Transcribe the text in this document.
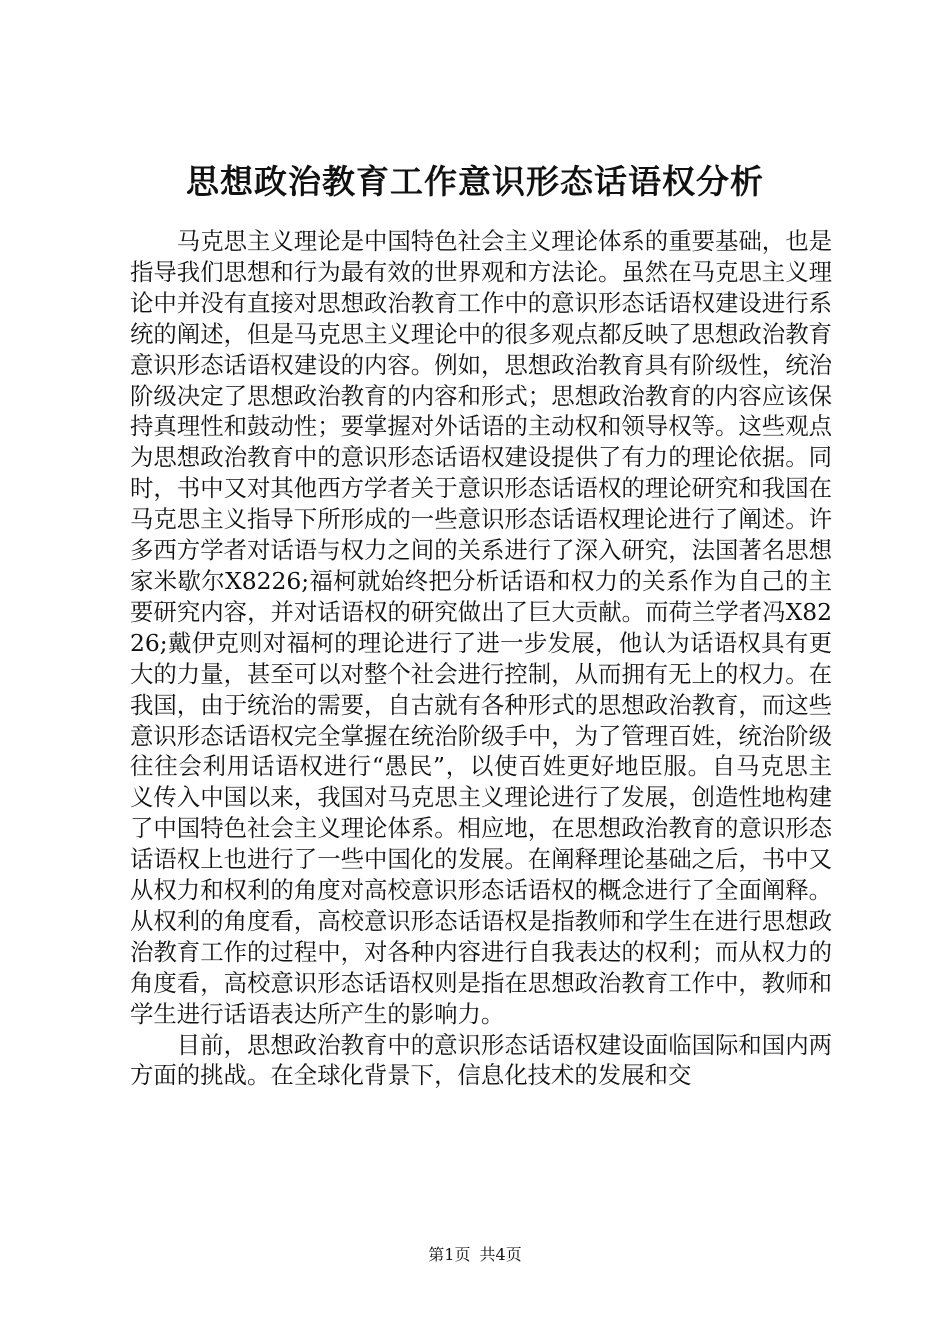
思想政治教育工作意识形态话语权分析

马克思主义理论是中国特色社会主义理论体系的重要基础，也是指导我们思想和行为最有效的世界观和方法论。虽然在马克思主义理论中并没有直接对思想政治教育工作中的意识形态话语权建设进行系统的阐述，但是马克思主义理论中的很多观点都反映了思想政治教育意识形态话语权建设的内容。例如，思想政治教育具有阶级性，统治阶级决定了思想政治教育的内容和形式；思想政治教育的内容应该保持真理性和鼓动性；要掌握对外话语的主动权和领导权等。这些观点为思想政治教育中的意识形态话语权建设提供了有力的理论依据。同时，书中又对其他西方学者关于意识形态话语权的理论研究和我国在马克思主义指导下所形成的一些意识形态话语权理论进行了阐述。许多西方学者对话语与权力之间的关系进行了深入研究，法国著名思想家米歇尔X8226;福柯就始终把分析话语和权力的关系作为自己的主要研究内容，并对话语权的研究做出了巨大贡献。而荷兰学者冯X8226;戴伊克则对福柯的理论进行了进一步发展，他认为话语权具有更大的力量，甚至可以对整个社会进行控制，从而拥有无上的权力。在我国，由于统治的需要，自古就有各种形式的思想政治教育，而这些意识形态话语权完全掌握在统治阶级手中，为了管理百姓，统治阶级往往会利用话语权进行“愚民”，以使百姓更好地臣服。自马克思主义传入中国以来，我国对马克思主义理论进行了发展，创造性地构建了中国特色社会主义理论体系。相应地，在思想政治教育的意识形态话语权上也进行了一些中国化的发展。在阐释理论基础之后，书中又从权力和权利的角度对高校意识形态话语权的概念进行了全面阐释。从权利的角度看，高校意识形态话语权是指教师和学生在进行思想政治教育工作的过程中，对各种内容进行自我表达的权利；而从权力的角度看，高校意识形态话语权则是指在思想政治教育工作中，教师和学生进行话语表达所产生的影响力。

目前，思想政治教育中的意识形态话语权建设面临国际和国内两方面的挑战。在全球化背景下，信息化技术的发展和交

第1页 共4页
